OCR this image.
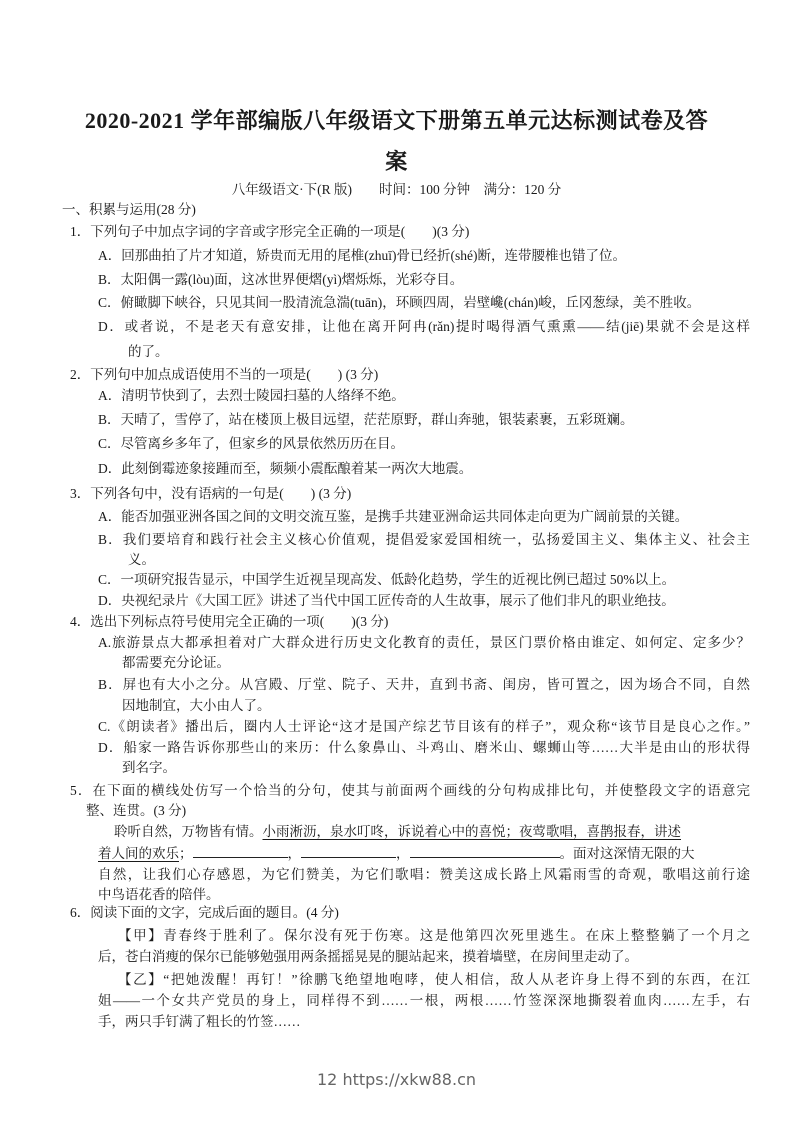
2020-2021 学年部编版八年级语文下册第五单元达标测试卷及答
案
八年级语文·下(R 版)　　时间：100 分钟　满分：120 分
一、积累与运用(28 分)
1．下列句子中加点字词的字音或字形完全正确的一项是(　　)(3 分)
A．回那曲拍了片才知道，矫贵而无用的尾椎(zhuī)骨已经折(shé)断，连带腰椎也错了位。
B．太阳偶一露(lòu)面，这冰世界便熠(yì)熠烁烁，光彩夺目。
C．俯瞰脚下峡谷，只见其间一股清流急湍(tuān)，环顾四周，岩壁巉(chán)峻，丘冈葱绿，美不胜收。
D．或者说，不是老天有意安排，让他在离开阿冉(rǎn)提时喝得酒气熏熏——结(jiē)果就不会是这样
的了。
2．下列句中加点成语使用不当的一项是(　　) (3 分)
A．清明节快到了，去烈士陵园扫墓的人络绎不绝。
B．天晴了，雪停了，站在楼顶上极目远望，茫茫原野，群山奔驰，银装素裹，五彩斑斓。
C．尽管离乡多年了，但家乡的风景依然历历在目。
D．此刻倒霉迹象接踵而至，频频小震酝酿着某一两次大地震。
3．下列各句中，没有语病的一句是(　　) (3 分)
A．能否加强亚洲各国之间的文明交流互鉴，是携手共建亚洲命运共同体走向更为广阔前景的关键。
B．我们要培育和践行社会主义核心价值观，提倡爱家爱国相统一，弘扬爱国主义、集体主义、社会主
义。
C．一项研究报告显示，中国学生近视呈现高发、低龄化趋势，学生的近视比例已超过 50%以上。
D．央视纪录片《大国工匠》讲述了当代中国工匠传奇的人生故事，展示了他们非凡的职业绝技。
4．选出下列标点符号使用完全正确的一项(　　)(3 分)
A.旅游景点大都承担着对广大群众进行历史文化教育的责任，景区门票价格由谁定、如何定、定多少？
都需要充分论证。
B．屏也有大小之分。从宫殿、厅堂、院子、天井，直到书斋、闺房，皆可置之，因为场合不同，自然
因地制宜，大小由人了。
C.《朗读者》播出后，圈内人士评论“这才是国产综艺节目该有的样子”，观众称“该节目是良心之作。”
D．船家一路告诉你那些山的来历：什么象鼻山、斗鸡山、磨米山、螺蛳山等……大半是由山的形状得
到名字。
5．在下面的横线处仿写一个恰当的分句，使其与前面两个画线的分句构成排比句，并使整段文字的语意完
整、连贯。(3 分)
聆听自然，万物皆有情。小雨淅沥，泉水叮咚，诉说着心中的喜悦；夜莺歌唱，喜鹊报春，讲述
着人间的欢乐；	，	，	。面对这深情无限的大
自然，让我们心存感恩，为它们赞美，为它们歌唱：赞美这成长路上风霜雨雪的奇观，歌唱这前行途
中鸟语花香的陪伴。
6．阅读下面的文字，完成后面的题目。(4 分)
【甲】青春终于胜利了。保尔没有死于伤寒。这是他第四次死里逃生。在床上整整躺了一个月之
后，苍白消瘦的保尔已能够勉强用两条摇摇晃晃的腿站起来，摸着墙壁，在房间里走动了。
【乙】“把她泼醒！再钉！”徐鹏飞绝望地咆哮，使人相信，敌人从老许身上得不到的东西，在江
姐——一个女共产党员的身上，同样得不到……一根，两根……竹签深深地撕裂着血肉……左手，右
手，两只手钉满了粗长的竹签……
12 https://xkw88.cn
